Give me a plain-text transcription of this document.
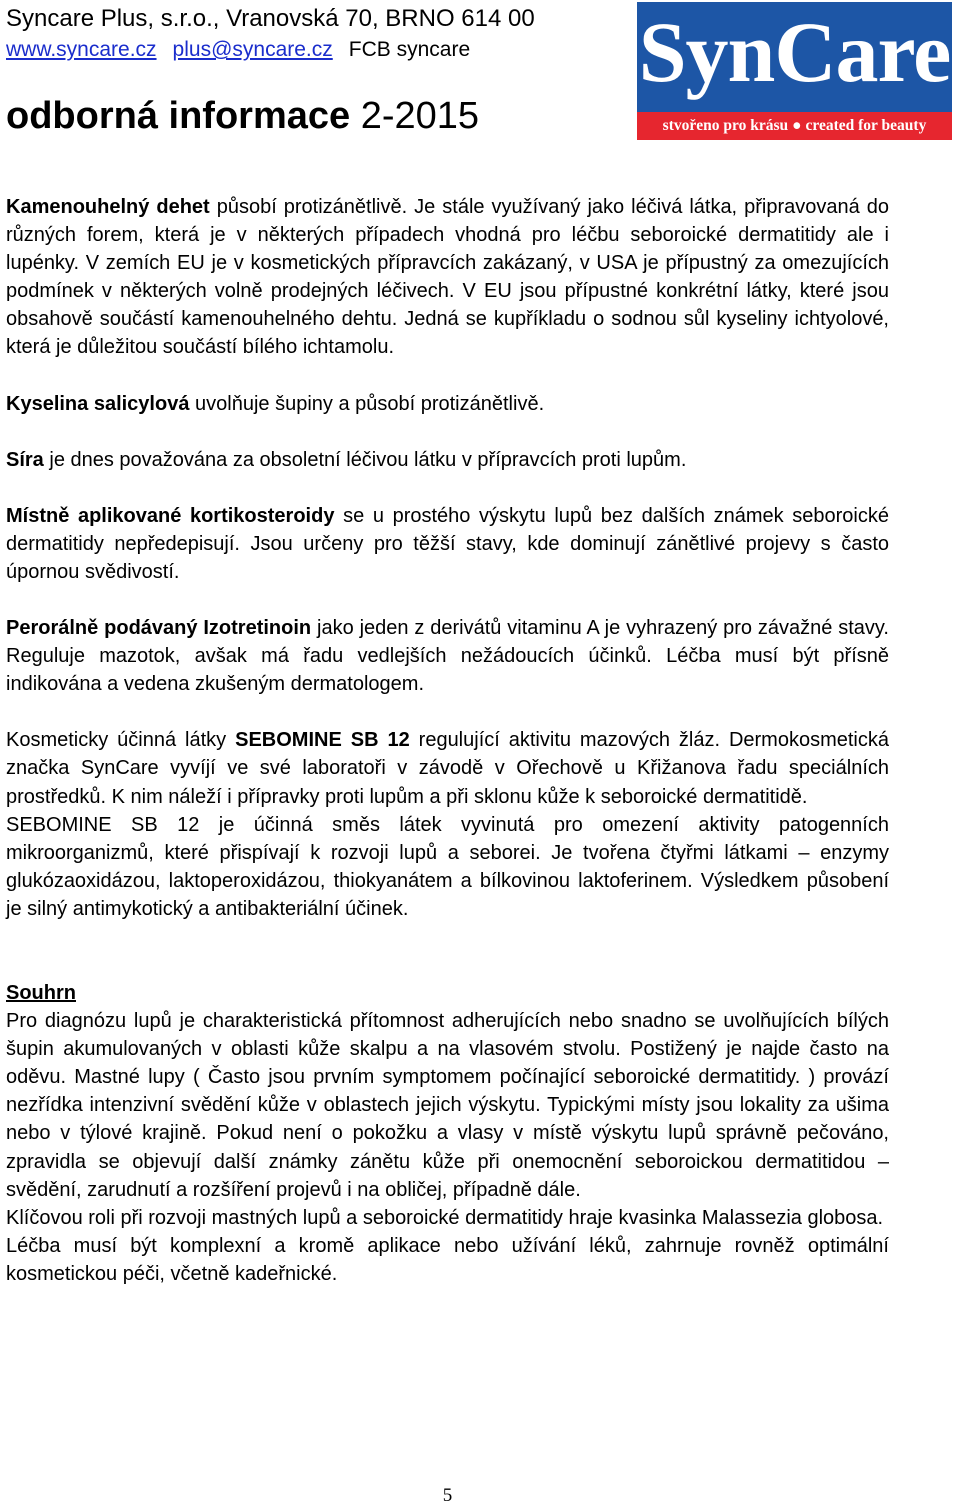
Syncare Plus, s.r.o., Vranovská 70, BRNO 614 00
www.syncare.cz plus@syncare.cz FCB syncare
odborná informace 2-2015
SynCare
stvořeno pro krásu ● created for beauty

Kamenouhelný dehet působí protizánětlivě. Je stále využívaný jako léčivá látka, připravovaná do různých forem, která je v některých případech vhodná pro léčbu seboroické dermatitidy ale i lupénky. V zemích EU je v kosmetických přípravcích zakázaný, v USA je přípustný za omezujících podmínek v některých volně prodejných léčivech. V EU jsou přípustné konkrétní látky, které jsou obsahově součástí kamenouhelného dehtu. Jedná se kupříkladu o sodnou sůl kyseliny ichtyolové, která je důležitou součástí bílého ichtamolu.

Kyselina salicylová uvolňuje šupiny a působí protizánětlivě.

Síra je dnes považována za obsoletní léčivou látku v přípravcích proti lupům.

Místně aplikované kortikosteroidy se u prostého výskytu lupů bez dalších známek seboroické dermatitidy nepředepisují. Jsou určeny pro těžší stavy, kde dominují zánětlivé projevy s často úpornou svědivostí.

Perorálně podávaný Izotretinoin jako jeden z derivátů vitaminu A je vyhrazený pro závažné stavy. Reguluje mazotok, avšak má řadu vedlejších nežádoucích účinků. Léčba musí být přísně indikována a vedena zkušeným dermatologem.

Kosmeticky účinná látky SEBOMINE SB 12 regulující aktivitu mazových žláz. Dermokosmetická značka SynCare vyvíjí ve své laboratoři v závodě v Ořechově u Křižanova řadu speciálních prostředků. K nim náleží i přípravky proti lupům a při sklonu kůže k seboroické dermatitidě.

SEBOMINE SB 12 je účinná směs látek vyvinutá pro omezení aktivity patogenních mikroorganizmů, které přispívají k rozvoji lupů a seborei. Je tvořena čtyřmi látkami – enzymy glukózaoxidázou, laktoperoxidázou, thiokyanátem a bílkovinou laktoferinem. Výsledkem působení je silný antimykotický a antibakteriální účinek.

Souhrn

Pro diagnózu lupů je charakteristická přítomnost adherujících nebo snadno se uvolňujících bílých šupin akumulovaných v oblasti kůže skalpu a na vlasovém stvolu. Postižený je najde často na oděvu. Mastné lupy ( Často jsou prvním symptomem počínající seboroické dermatitidy. ) provází nezřídka intenzivní svědění kůže v oblastech jejich výskytu. Typickými místy jsou lokality za ušima nebo v týlové krajině. Pokud není o pokožku a vlasy v místě výskytu lupů správně pečováno, zpravidla se objevují další známky zánětu kůže při onemocnění seboroickou dermatitidou – svědění, zarudnutí a rozšíření projevů i na obličej, případně dále.

Klíčovou roli při rozvoji mastných lupů a seboroické dermatitidy hraje kvasinka Malassezia globosa.

Léčba musí být komplexní a kromě aplikace nebo užívání léků, zahrnuje rovněž optimální kosmetickou péči, včetně kadeřnické.

5
